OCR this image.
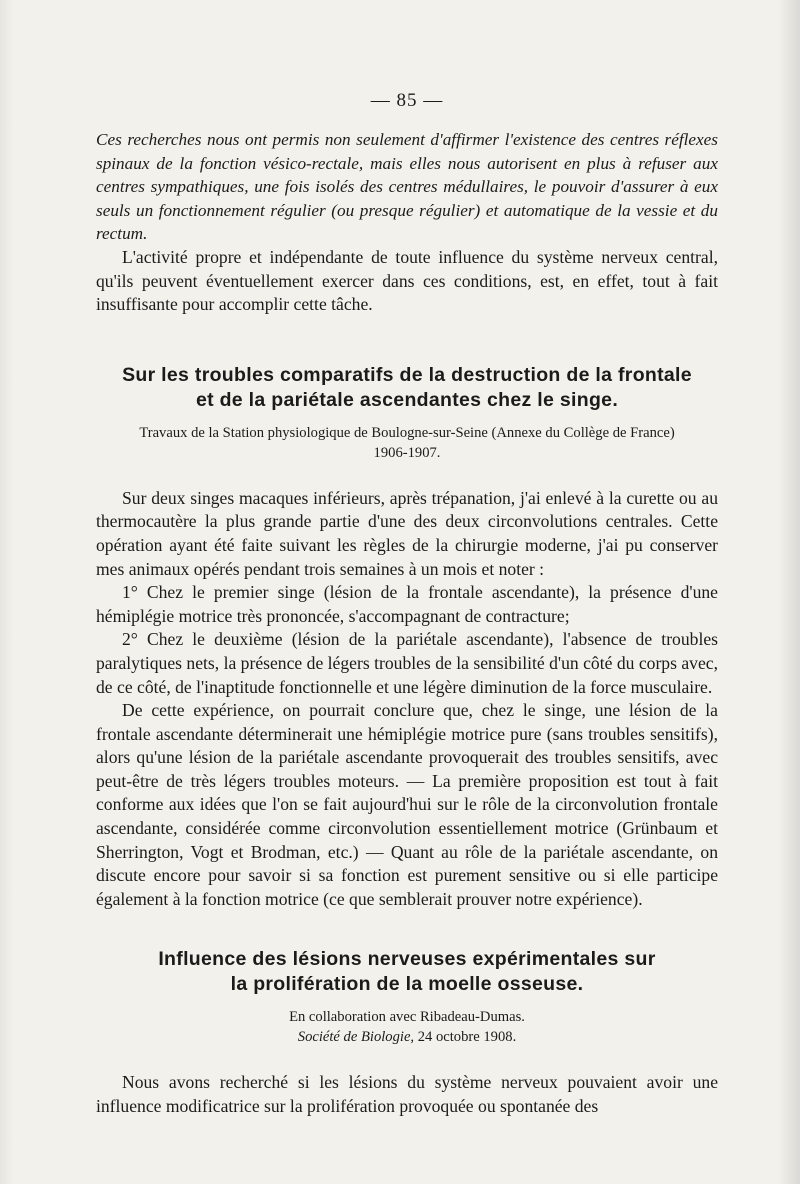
— 85 —

Ces recherches nous ont permis non seulement d'affirmer l'existence des centres réflexes spinaux de la fonction vésico-rectale, mais elles nous autorisent en plus à refuser aux centres sympathiques, une fois isolés des centres médullaires, le pouvoir d'assurer à eux seuls un fonctionnement régulier (ou presque régulier) et automatique de la vessie et du rectum.

L'activité propre et indépendante de toute influence du système nerveux central, qu'ils peuvent éventuellement exercer dans ces conditions, est, en effet, tout à fait insuffisante pour accomplir cette tâche.

Sur les troubles comparatifs de la destruction de la frontale
et de la pariétale ascendantes chez le singe.
Travaux de la Station physiologique de Boulogne-sur-Seine (Annexe du Collège de France)
1906-1907.

Sur deux singes macaques inférieurs, après trépanation, j'ai enlevé à la curette ou au thermocautère la plus grande partie d'une des deux circonvolutions centrales. Cette opération ayant été faite suivant les règles de la chirurgie moderne, j'ai pu conserver mes animaux opérés pendant trois semaines à un mois et noter :

1° Chez le premier singe (lésion de la frontale ascendante), la présence d'une hémiplégie motrice très prononcée, s'accompagnant de contracture;

2° Chez le deuxième (lésion de la pariétale ascendante), l'absence de troubles paralytiques nets, la présence de légers troubles de la sensibilité d'un côté du corps avec, de ce côté, de l'inaptitude fonctionnelle et une légère diminution de la force musculaire.

De cette expérience, on pourrait conclure que, chez le singe, une lésion de la frontale ascendante déterminerait une hémiplégie motrice pure (sans troubles sensitifs), alors qu'une lésion de la pariétale ascendante provoquerait des troubles sensitifs, avec peut-être de très légers troubles moteurs. — La première proposition est tout à fait conforme aux idées que l'on se fait aujourd'hui sur le rôle de la circonvolution frontale ascendante, considérée comme circonvolution essentiellement motrice (Grünbaum et Sherrington, Vogt et Brodman, etc.) — Quant au rôle de la pariétale ascendante, on discute encore pour savoir si sa fonction est purement sensitive ou si elle participe également à la fonction motrice (ce que semblerait prouver notre expérience).

Influence des lésions nerveuses expérimentales sur
la prolifération de la moelle osseuse.
En collaboration avec Ribadeau-Dumas.
Société de Biologie, 24 octobre 1908.

Nous avons recherché si les lésions du système nerveux pouvaient avoir une influence modificatrice sur la prolifération provoquée ou spontanée des
